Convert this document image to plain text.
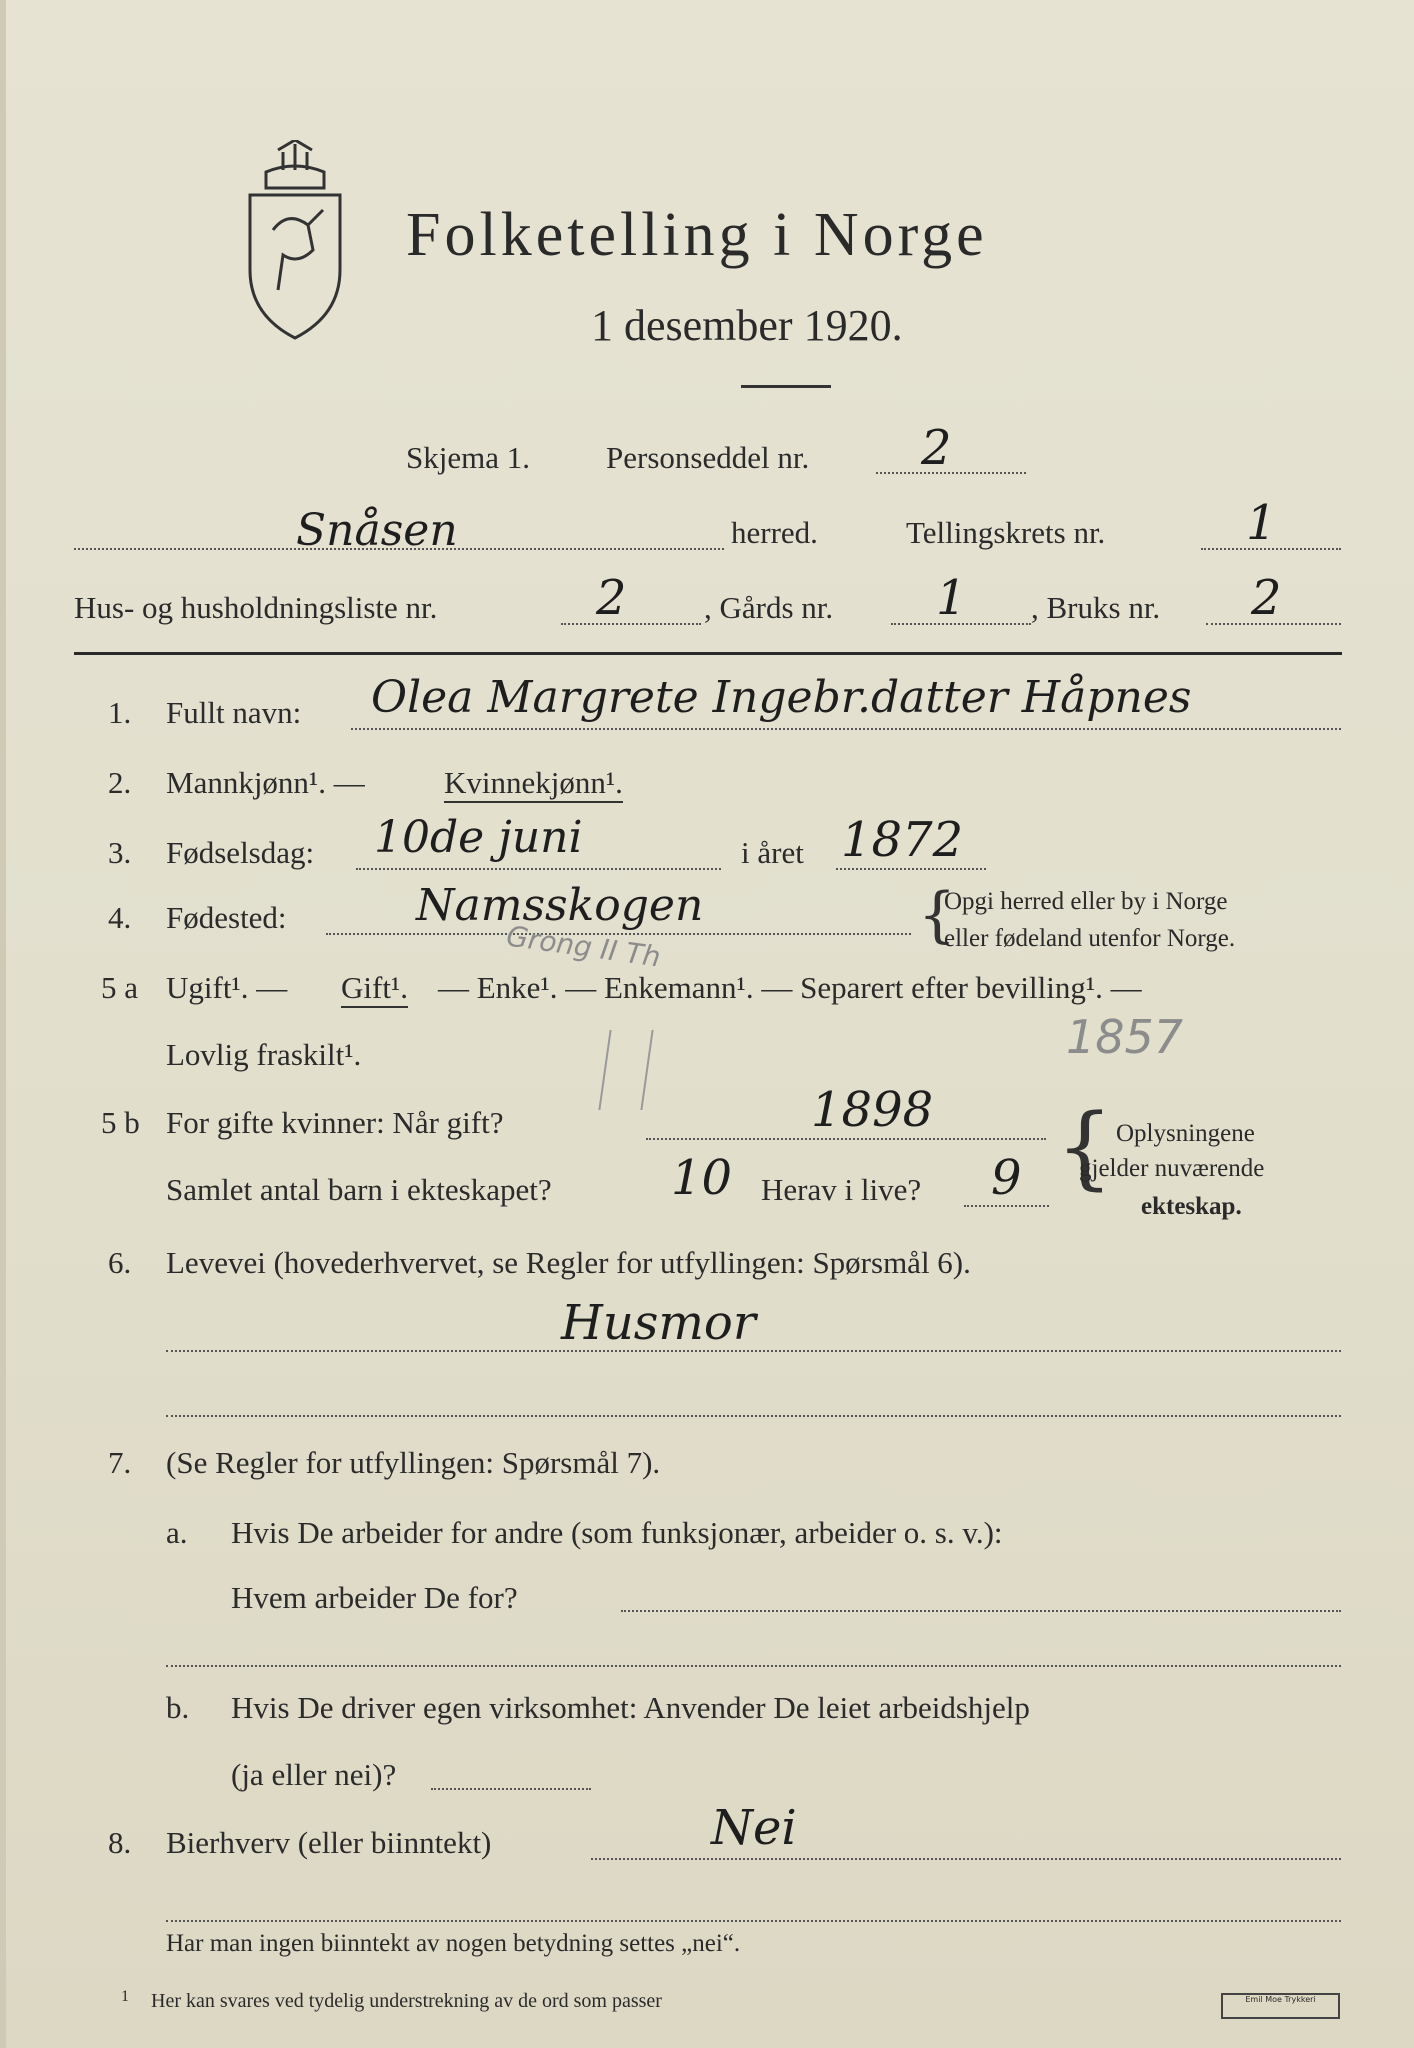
Folketelling i Norge
1 desember 1920.
Skjema 1. Personseddel nr. 2
Snåsen	herred.	Tellingskrets nr.	1
Hus- og husholdningsliste nr.	2 , Gårds nr. 1 , Bruks nr. 2
1. Fullt navn: Olea Margrete Ingebr.datter Håpnes
2. Mannkjønn¹. —	Kvinnekjønn¹.
3. Fødselsdag: 10de juni	i året 1872
4. Fødested:	Namsskogen
Grong II Th	{
Opgi herred eller by i Norge
eller fødeland utenfor Norge.
5 a Ugift¹. — Gift¹. — Enke¹. — Enkemann¹. — Separert efter bevilling¹. —
Lovlig fraskilt¹.	1857
5 b For gifte kvinner: Når gift?	1898 { Oplysningene
gjelder nuværende
ekteskap.
Samlet antal barn i ekteskapet? 10 Herav i live? 9
6. Levevei (hovederhvervet, se Regler for utfyllingen: Spørsmål 6).
Husmor
7. (Se Regler for utfyllingen: Spørsmål 7).
a. Hvis De arbeider for andre (som funksjonær, arbeider o. s. v.):
Hvem arbeider De for?
b. Hvis De driver egen virksomhet: Anvender De leiet arbeidshjelp
(ja eller nei)?
8. Bierhverv (eller biinntekt)	Nei
Har man ingen biinntekt av nogen betydning settes „nei“.
1 Her kan svares ved tydelig understrekning av de ord som passer	Emil Moe Trykkeri
